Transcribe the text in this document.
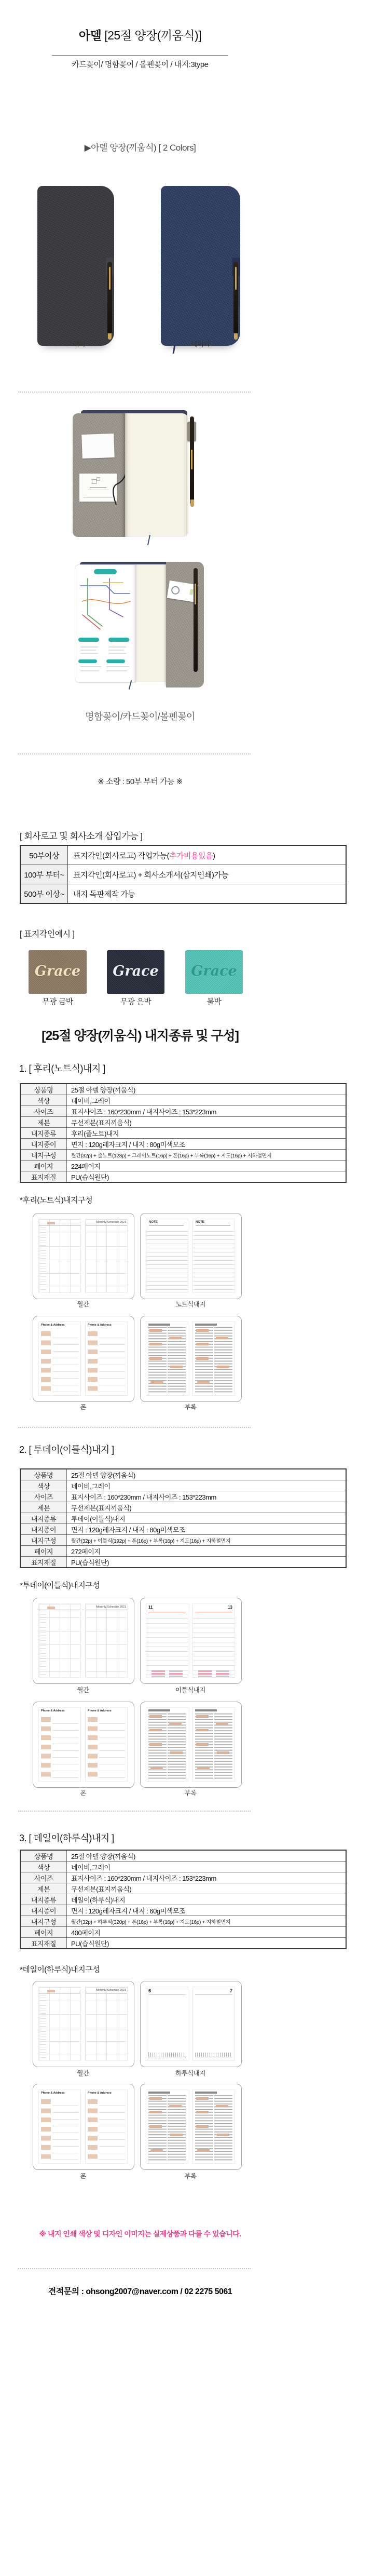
아델 [25절 양장(끼움식)]
카드꽂이/ 명함꽂이 / 볼펜꽂이 / 내지:3type
▶아델 양장(끼움식) [ 2 Colors]
그레이	네이비
명함꽂이/카드꽂이/볼펜꽂이
※ 소량 : 50부 부터 가능 ※
[ 회사로고 및 회사소개 삽입가능 ]
50부이상	표지각인(회사로고) 작업가능(추가비용있음)
100부 부터~	표지각인(회사로고) + 회사소개서(삽지인쇄)가능
500부 이상~	내지 독판제작 가능
[ 표지각인예시 ]
Grace	Grace	Grace
무광 금박	무광 은박	불박
[25절 양장(끼움식) 내지종류 및 구성]
1. [ 후리(노트식)내지 ]
상품명	25절 아델 양장(끼움식)
색상	네이비,그레이
사이즈	표지사이즈 : 160*230mm / 내지사이즈 : 153*223mm
제본	무선제본(표지끼움식)
내지종류	후리(줄노트)내지
내지종이	면지 : 120g레자크지 / 내지 : 80g미색모조
내지구성	월간(32p) + 줄노트(128p) + 그레이노트(16p) + 폰(16p) + 부록(16p) + 지도(16p) + 지하철면지
페이지	224페이지
표지재질	PU(습식원단)
*후리(노트식)내지구성
Monthly Schedule 2021	NOTE	NOTE
월간	노트식내지
Phone & Address	Phone & Address
폰	부록
2. [ 투데이(이틀식)내지 ]
상품명	25절 아델 양장(끼움식)
색상	네이비,그레이
사이즈	표지사이즈 : 160*230mm / 내지사이즈 : 153*223mm
제본	무선제본(표지끼움식)
내지종류	투데이(이틀식)내지
내지종이	면지 : 120g레자크지 / 내지 : 80g미색모조
내지구성	월간(32p) + 이틀식(192p) + 폰(16p) + 부록(16p) + 지도(16p) + 지하철면지
페이지	272페이지
표지재질	PU(습식원단)
*투데이(이틀식)내지구성
Monthly Schedule 2021	11	13
월간	이틀식내지
Phone & Address	Phone & Address
폰	부록
3. [ 데일이(하루식)내지 ]
상품명	25절 아델 양장(끼움식)
색상	네이비,그레이
사이즈	표지사이즈 : 160*230mm / 내지사이즈 : 153*223mm
제본	무선제본(표지끼움식)
내지종류	데일이(하루식)내지
내지종이	면지 : 120g레자크지 / 내지 : 60g미색모조
내지구성	월간(32p) + 하루식(320p) + 폰(16p) + 부록(16p) + 지도(16p) + 지하철면지
페이지	400페이지
표지재질	PU(습식원단)
*데일이(하루식)내지구성
Monthly Schedule 2021	6	7
월간	하루식내지
Phone & Address	Phone & Address
폰	부록
※ 내지 인쇄 색상 및 디자인 이미지는 실제상품과 다를 수 있습니다.
견적문의 : ohsong2007@naver.com / 02 2275 5061
